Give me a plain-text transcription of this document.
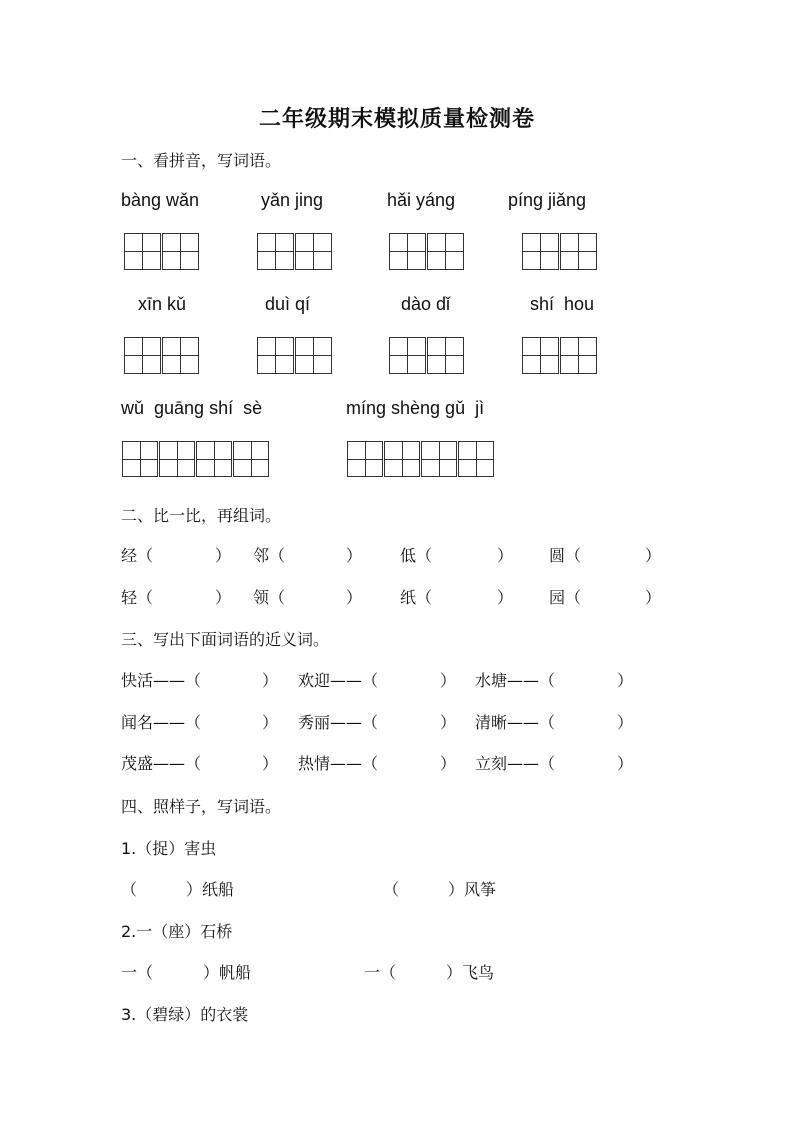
二年级期末模拟质量检测卷
一、看拼音，写词语。
bàng wǎn	yǎn jing	hǎi yáng	píng jiǎng
xīn kǔ	duì qí	dào dǐ	shí  hou
wǔ  guāng shí  sè	míng shèng gǔ  jì
二、比一比，再组词。
经（	） 邻（	） 低（	） 圆（	）
轻（	） 领（	） 纸（	） 园（	）
三、写出下面词语的近义词。
快活——（	） 欢迎——（	） 水塘——（	）
闻名——（	） 秀丽——（	） 清晰——（	）
茂盛——（	） 热情——（	） 立刻——（	）
四、照样子，写词语。
1.（捉）害虫
（	）纸船	（	）风筝
2.一（座）石桥
一（	）帆船	一（	）飞鸟
3.（碧绿）的衣裳
